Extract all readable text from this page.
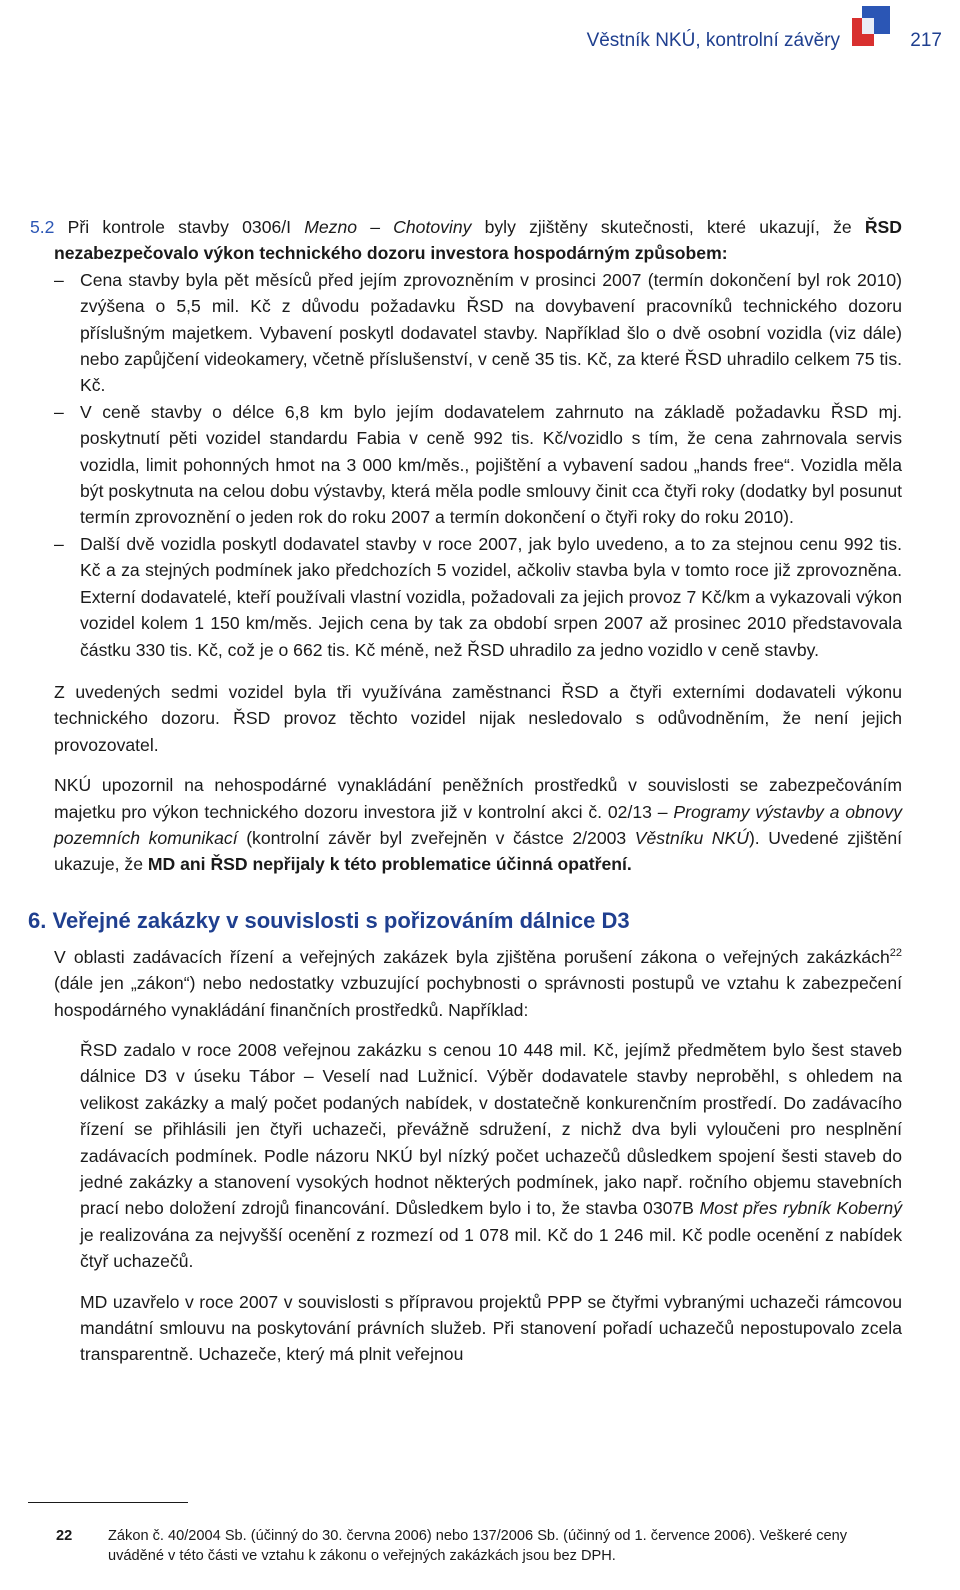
Věstník NKÚ, kontrolní závěry	217

5.2 Při kontrole stavby 0306/I Mezno – Chotoviny byly zjištěny skutečnosti, které ukazují, že ŘSD nezabezpečovalo výkon technického dozoru investora hospodárným způsobem:

– Cena stavby byla pět měsíců před jejím zprovozněním v prosinci 2007 (termín dokončení byl rok 2010) zvýšena o 5,5 mil. Kč z důvodu požadavku ŘSD na dovybavení pracovníků technického dozoru příslušným majetkem. Vybavení poskytl dodavatel stavby. Například šlo o dvě osobní vozidla (viz dále) nebo zapůjčení videokamery, včetně příslušenství, v ceně 35 tis. Kč, za které ŘSD uhradilo celkem 75 tis. Kč.
– V ceně stavby o délce 6,8 km bylo jejím dodavatelem zahrnuto na základě požadavku ŘSD mj. poskytnutí pěti vozidel standardu Fabia v ceně 992 tis. Kč/vozidlo s tím, že cena zahrnovala servis vozidla, limit pohonných hmot na 3 000 km/měs., pojištění a vybavení sadou „hands free“. Vozidla měla být poskytnuta na celou dobu výstavby, která měla podle smlouvy činit cca čtyři roky (dodatky byl posunut termín zprovoznění o jeden rok do roku 2007 a termín dokončení o čtyři roky do roku 2010).
– Další dvě vozidla poskytl dodavatel stavby v roce 2007, jak bylo uvedeno, a to za stejnou cenu 992 tis. Kč a za stejných podmínek jako předchozích 5 vozidel, ačkoliv stavba byla v tomto roce již zprovozněna. Externí dodavatelé, kteří používali vlastní vozidla, požadovali za jejich provoz 7 Kč/km a vykazovali výkon vozidel kolem 1 150 km/měs. Jejich cena by tak za období srpen 2007 až prosinec 2010 představovala částku 330 tis. Kč, což je o 662 tis. Kč méně, než ŘSD uhradilo za jedno vozidlo v ceně stavby.

Z uvedených sedmi vozidel byla tři využívána zaměstnanci ŘSD a čtyři externími dodavateli výkonu technického dozoru. ŘSD provoz těchto vozidel nijak nesledovalo s odůvodněním, že není jejich provozovatel.

NKÚ upozornil na nehospodárné vynakládání peněžních prostředků v souvislosti se zabezpečováním majetku pro výkon technického dozoru investora již v kontrolní akci č. 02/13 – Programy výstavby a obnovy pozemních komunikací (kontrolní závěr byl zveřejněn v částce 2/2003 Věstníku NKÚ). Uvedené zjištění ukazuje, že MD ani ŘSD nepřijaly k této problematice účinná opatření.

6. Veřejné zakázky v souvislosti s pořizováním dálnice D3

V oblasti zadávacích řízení a veřejných zakázek byla zjištěna porušení zákona o veřejných zakázkách$^{22}$ (dále jen „zákon“) nebo nedostatky vzbuzující pochybnosti o správnosti postupů ve vztahu k zabezpečení hospodárného vynakládání finančních prostředků. Například:

ŘSD zadalo v roce 2008 veřejnou zakázku s cenou 10 448 mil. Kč, jejímž předmětem bylo šest staveb dálnice D3 v úseku Tábor – Veselí nad Lužnicí. Výběr dodavatele stavby neproběhl, s ohledem na velikost zakázky a malý počet podaných nabídek, v dostatečně konkurenčním prostředí. Do zadávacího řízení se přihlásili jen čtyři uchazeči, převážně sdružení, z nichž dva byli vyloučeni pro nesplnění zadávacích podmínek. Podle názoru NKÚ byl nízký počet uchazečů důsledkem spojení šesti staveb do jedné zakázky a stanovení vysokých hodnot některých podmínek, jako např. ročního objemu stavebních prací nebo doložení zdrojů financování. Důsledkem bylo i to, že stavba 0307B Most přes rybník Koberný je realizována za nejvyšší ocenění z rozmezí od 1 078 mil. Kč do 1 246 mil. Kč podle ocenění z nabídek čtyř uchazečů.

MD uzavřelo v roce 2007 v souvislosti s přípravou projektů PPP se čtyřmi vybranými uchazeči rámcovou mandátní smlouvu na poskytování právních služeb. Při stanovení pořadí uchazečů nepostupovalo zcela transparentně. Uchazeče, který má plnit veřejnou

22	Zákon č. 40/2004 Sb. (účinný do 30. června 2006) nebo 137/2006 Sb. (účinný od 1. července 2006). Veškeré ceny uváděné v této části ve vztahu k zákonu o veřejných zakázkách jsou bez DPH.
